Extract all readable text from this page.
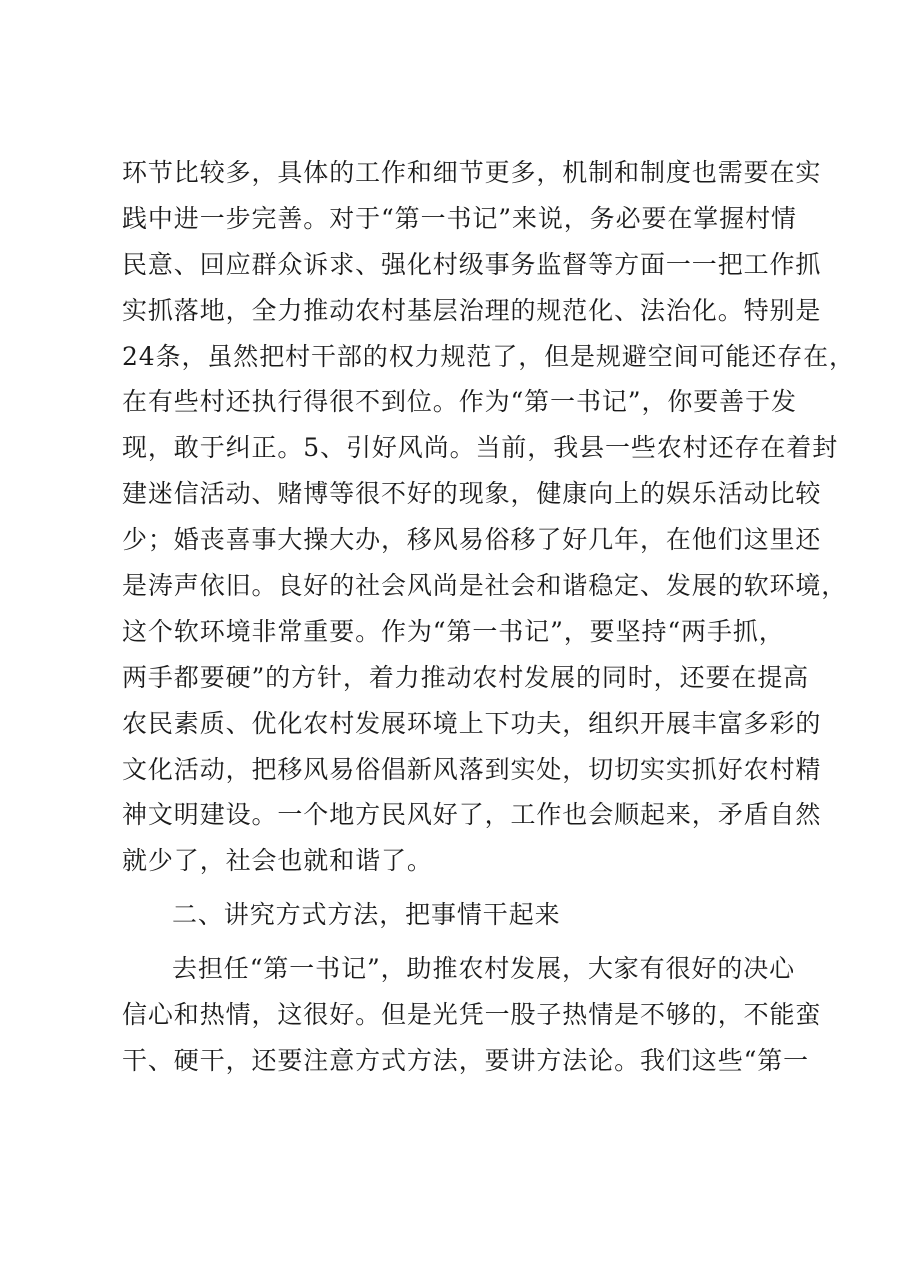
环节比较多，具体的工作和细节更多，机制和制度也需要在实
践中进一步完善。对于“第一书记”来说，务必要在掌握村情
民意、回应群众诉求、强化村级事务监督等方面一一把工作抓
实抓落地，全力推动农村基层治理的规范化、法治化。特别是
24条，虽然把村干部的权力规范了，但是规避空间可能还存在，
在有些村还执行得很不到位。作为“第一书记”，你要善于发
现，敢于纠正。5、引好风尚。当前，我县一些农村还存在着封
建迷信活动、赌博等很不好的现象，健康向上的娱乐活动比较
少；婚丧喜事大操大办，移风易俗移了好几年，在他们这里还
是涛声依旧。良好的社会风尚是社会和谐稳定、发展的软环境，
这个软环境非常重要。作为“第一书记”，要坚持“两手抓，
两手都要硬”的方针，着力推动农村发展的同时，还要在提高
农民素质、优化农村发展环境上下功夫，组织开展丰富多彩的
文化活动，把移风易俗倡新风落到实处，切切实实抓好农村精
神文明建设。一个地方民风好了，工作也会顺起来，矛盾自然
就少了，社会也就和谐了。
二、讲究方式方法，把事情干起来
去担任“第一书记”，助推农村发展，大家有很好的决心
信心和热情，这很好。但是光凭一股子热情是不够的，不能蛮
干、硬干，还要注意方式方法，要讲方法论。我们这些“第一
